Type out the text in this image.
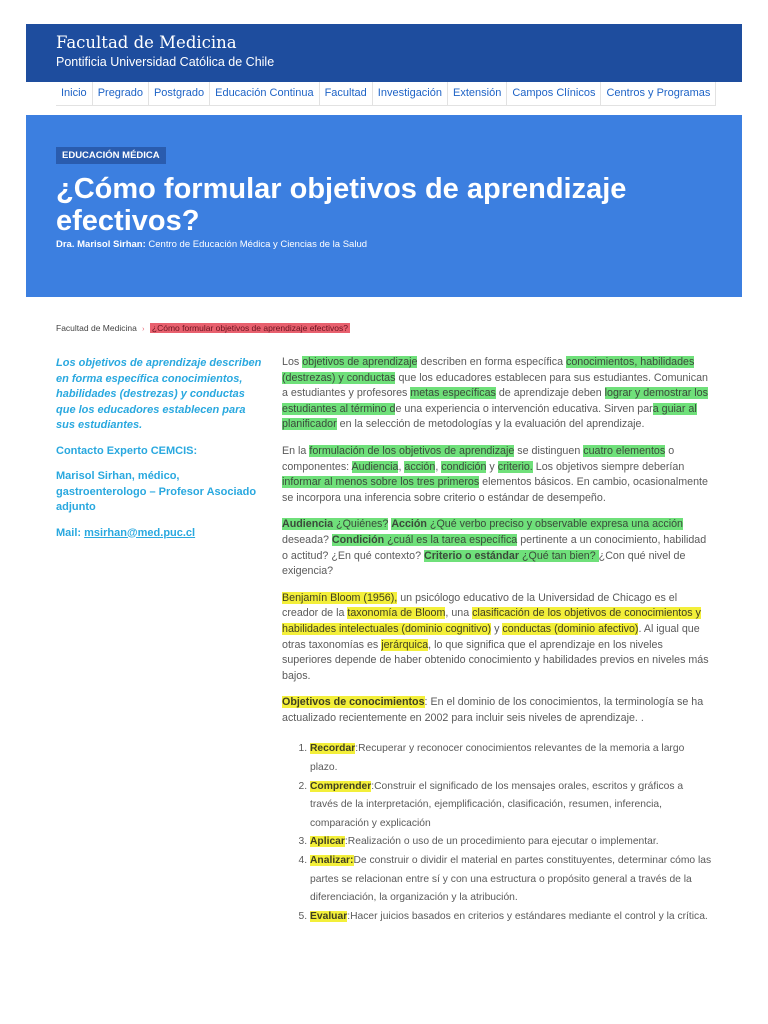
Facultad de Medicina
Pontificia Universidad Católica de Chile
Inicio	Pregrado	Postgrado	Educación Continua	Facultad	Investigación	Extensión	Campos Clínicos	Centros y Programas
EDUCACIÓN MÉDICA
¿Cómo formular objetivos de aprendizaje efectivos?
Dra. Marisol Sirhan: Centro de Educación Médica y Ciencias de la Salud
Facultad de Medicina › ¿Cómo formular objetivos de aprendizaje efectivos?

Los objetivos de aprendizaje describen en forma específica conocimientos, habilidades (destrezas) y conductas que los educadores establecen para sus estudiantes.

Contacto Experto CEMCIS:

Marisol Sirhan, médico, gastroenterologo – Profesor Asociado adjunto

Mail: msirhan@med.puc.cl

Los objetivos de aprendizaje describen en forma específica conocimientos, habilidades (destrezas) y conductas que los educadores establecen para sus estudiantes. Comunican a estudiantes y profesores metas específicas de aprendizaje deben lograr y demostrar los estudiantes al término de una experiencia o intervención educativa. Sirven para guiar al planificador en la selección de metodologías y la evaluación del aprendizaje.

En la formulación de los objetivos de aprendizaje se distinguen cuatro elementos o componentes: Audiencia, acción, condición y criterio. Los objetivos siempre deberían informar al menos sobre los tres primeros elementos básicos. En cambio, ocasionalmente se incorpora una inferencia sobre criterio o estándar de desempeño.

Audiencia ¿Quiénes? Acción ¿Qué verbo preciso y observable expresa una acción deseada? Condición ¿cuál es la tarea específica pertinente a un conocimiento, habilidad o actitud? ¿En qué contexto? Criterio o estándar ¿Qué tan bien? ¿Con qué nivel de exigencia?

Benjamín Bloom (1956), un psicólogo educativo de la Universidad de Chicago es el creador de la taxonomía de Bloom, una clasificación de los objetivos de conocimientos y habilidades intelectuales (dominio cognitivo) y conductas (dominio afectivo). Al igual que otras taxonomías es jerárquica, lo que significa que el aprendizaje en los niveles superiores depende de haber obtenido conocimiento y habilidades previos en niveles más bajos.

Objetivos de conocimientos: En el dominio de los conocimientos, la terminología se ha actualizado recientemente en 2002 para incluir seis niveles de aprendizaje. .

1. Recordar:Recuperar y reconocer conocimientos relevantes de la memoria a largo plazo.
2. Comprender:Construir el significado de los mensajes orales, escritos y gráficos a través de la interpretación, ejemplificación, clasificación, resumen, inferencia, comparación y explicación
3. Aplicar:Realización o uso de un procedimiento para ejecutar o implementar.
4. Analizar:De construir o dividir el material en partes constituyentes, determinar cómo las partes se relacionan entre sí y con una estructura o propósito general a través de la diferenciación, la organización y la atribución.
5. Evaluar:Hacer juicios basados en criterios y estándares mediante el control y la crítica.
